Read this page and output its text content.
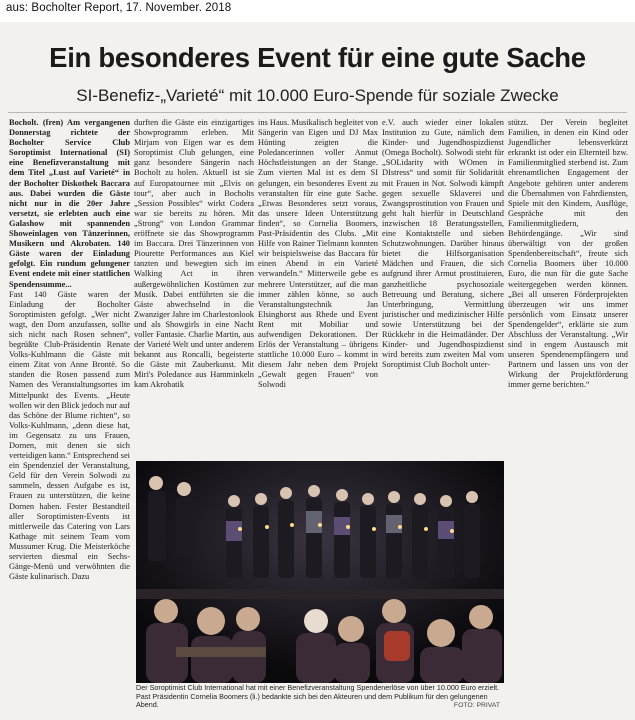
aus: Bocholter Report, 17. November. 2018
Ein besonderes Event für eine gute Sache
SI-Benefiz-„Varieté“ mit 10.000 Euro-Spende für soziale Zwecke

Bocholt. (fren) Am vergangenen Donnerstag richtete der Bocholter Service Club Soroptimist International (SI) eine Benefizveranstaltung mit dem Titel „Lust auf Varieté“ in der Bocholter Diskothek Baccara aus. Dabei wurden die Gäste nicht nur in die 20er Jahre versetzt, sie erlebten auch eine Galashow mit spannenden Showeinlagen von Tänzerinnen, Musikern und Akrobaten. 140 Gäste waren der Einladung gefolgt. Ein rundum gelungener Event endete mit einer stattlichen Spendensumme...

Fast 140 Gäste waren der Einladung der Bocholter Soroptimisten gefolgt. „Wer nicht wagt, den Dorn anzufassen, sollte sich nicht nach Rosen sehnen“, begrüßte Club-Präsidentin Renate Volks-Kuhlmann die Gäste mit einem Zitat von Anne Brontë. So standen die Rosen passend zum Namen des Veranstaltungsortes im Mittelpunkt des Events. „Heute wollen wir den Blick jedoch nur auf das Schöne der Blume richten“, so Volks-Kuhlmann, „denn diese hat, im Gegensatz zu uns Frauen, Dornen, mit denen sie sich verteidigen kann.“ Entsprechend sei ein Spendenziel der Veranstaltung, Geld für den Verein Solwodi zu sammeln, dessen Aufgabe es ist, Frauen zu unterstützen, die keine Dornen haben. Fester Bestandteil aller Soroptimisten-Events ist mittlerweile das Catering von Lars Kathage mit seinem Team vom Mussumer Krug. Die Meisterköche servierten diesmal ein Sechs-Gänge-Menü und verwöhnten die Gäste kulinarisch. Dazu

durften die Gäste ein einzigartiges Showprogramm erleben. Mit Mirjam von Eigen war es dem Soroptimist Club gelungen, eine ganz besondere Sängerin nach Bocholt zu holen. Aktuell ist sie auf Europatournee mit „Elvis on tour“, aber auch in Bocholts „Session Possibles“ wirkt Codera war sie bereits zu hören. Mit „Strong“ von London Grammar eröffnete sie das Showprogramm im Baccara. Drei Tänzerinnen von Piourette Performances aus Kiel tanzten und bewegten sich im Walking Act in ihren außergewöhnlichen Kostümen zur Musik. Dabei entführten sie die Gäste abwechselnd in die Zwanziger Jahre im Charlestonlook und als Showgirls in eine Nacht voller Fantasie. Charlie Martin, aus der Varieté Welt und unter anderem bekannt aus Roncalli, begeisterte die Gäste mit Zauberkunst. Mit Miri's Poledance aus Hamminkeln kam Akrobatik

ins Haus. Musikalisch begleitet von Sängerin van Eigen und DJ Max Hünting zeigten die Poledancerinnen voller Anmut Höchstleistungen an der Stange. Zum vierten Mal ist es dem SI gelungen, ein besonderes Event zu veranstalten für eine gute Sache. „Etwas Besonderes setzt voraus, das unsere Ideen Unterstützung finden“, so Cornelia Boomers, Past-Präsidentin des Clubs. „Mit Hilfe von Rainer Tielmann konnten wir beispielsweise das Baccara für einen Abend in ein Varieté verwandeln.“ Mitterweile gebe es mehrere Unterstützer, auf die man immer zählen könne, so auch Veranstaltungstechnik Jan Elsinghorst aus Rhede und Event Rent mit Mobiliar und aufwendigen Dekorationen. Der Erlös der Veranstaltung – übrigens stattliche 10.000 Euro – kommt in diesem Jahr neben dem Projekt „Gewalt gegen Frauen“ von Solwodi

e.V. auch wieder einer lokalen Institution zu Gute, nämlich dem Kinder- und Jugendhospizdienst (Omega Bocholt). Solwodi steht für „SOLidarity with WOmen in DIstress“ und somit für Solidarität mit Frauen in Not. Solwodi kämpft gegen sexuelle Sklaverei und Zwangsprostitution von Frauen und geht halt hierfür in Deutschland inzwischen 18 Beratungsstellen, eine Kontaktstelle und sieben Schutzwohnungen. Darüber hinaus bietet die Hilfsorganisation Mädchen und Frauen, die sich aufgrund ihrer Armut prostituieren, ganzheitliche psychosoziale Betreuung und Beratung, sichere Unterbringung, Vermittlung juristischer und medizinischer Hilfe sowie Unterstützung bei der Rückkehr in die Heimatländer. Der Kinder- und Jugendhospizdienst wird bereits zum zweiten Mal vom Soroptimist Club Bocholt unter-

stützt. Der Verein begleitet Familien, in denen ein Kind oder Jugendlicher lebensverkürzt erkrankt ist oder ein Elternteil bzw. Familienmitglied sterbend ist. Zum ehrenamtlichen Engagement der Angebote gehören unter anderem die Übernahmen von Fahrdiensten, Spiele mit den Kindern, Ausflüge, Gespräche mit den Familienmitgliedern, Behördengänge. „Wir sind überwältigt von der großen Spendenbereitschaft“, freute sich Cornelia Boomers über 10.000 Euro, die nun für die gute Sache weitergegeben werden können. „Bei all unseren Förderprojekten überzeugen wir uns immer persönlich vom Einsatz unserer Spendengelder“, erklärte sie zum Abschluss der Veranstaltung. „Wir sind in engem Austausch mit unseren Spendenempfängern und Partnern und lassen uns von der Wirkung der Projektförderung immer gerne berichten.“

Der Soroptimist Club International hat mit einer Benefizveranstaltung Spendenerlöse von über 10.000 Euro erzielt. Past Präsidentin Cornelia Boomers (li.) bedankte sich bei den Akteuren und dem Publikum für den gelungenen Abend.	FOTO: PRIVAT
